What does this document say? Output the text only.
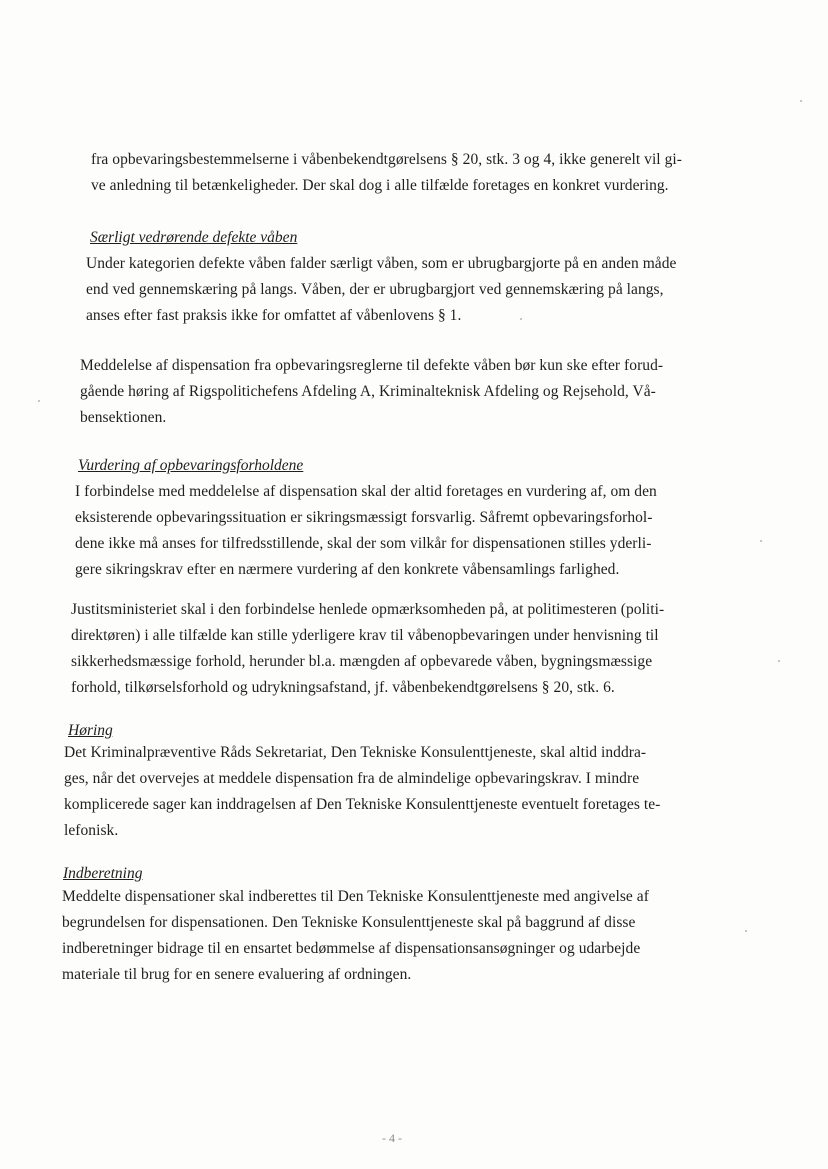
fra opbevaringsbestemmelserne i våbenbekendtgørelsens § 20, stk. 3 og 4, ikke generelt vil gi-
ve anledning til betænkeligheder. Der skal dog i alle tilfælde foretages en konkret vurdering.
Særligt vedrørende defekte våben
Under kategorien defekte våben falder særligt våben, som er ubrugbargjorte på en anden måde
end ved gennemskæring på langs. Våben, der er ubrugbargjort ved gennemskæring på langs,
anses efter fast praksis ikke for omfattet af våbenlovens § 1.
Meddelelse af dispensation fra opbevaringsreglerne til defekte våben bør kun ske efter forud-
gående høring af Rigspolitichefens Afdeling A, Kriminalteknisk Afdeling og Rejsehold, Vå-
bensektionen.
Vurdering af opbevaringsforholdene
I forbindelse med meddelelse af dispensation skal der altid foretages en vurdering af, om den
eksisterende opbevaringssituation er sikringsmæssigt forsvarlig. Såfremt opbevaringsforhol-
dene ikke må anses for tilfredsstillende, skal der som vilkår for dispensationen stilles yderli-
gere sikringskrav efter en nærmere vurdering af den konkrete våbensamlings farlighed.
Justitsministeriet skal i den forbindelse henlede opmærksomheden på, at politimesteren (politi-
direktøren) i alle tilfælde kan stille yderligere krav til våbenopbevaringen under henvisning til
sikkerhedsmæssige forhold, herunder bl.a. mængden af opbevarede våben, bygningsmæssige
forhold, tilkørselsforhold og udrykningsafstand, jf. våbenbekendtgørelsens § 20, stk. 6.
Høring
Det Kriminalpræventive Råds Sekretariat, Den Tekniske Konsulenttjeneste, skal altid inddra-
ges, når det overvejes at meddele dispensation fra de almindelige opbevaringskrav. I mindre
komplicerede sager kan inddragelsen af Den Tekniske Konsulenttjeneste eventuelt foretages te-
lefonisk.
Indberetning
Meddelte dispensationer skal indberettes til Den Tekniske Konsulenttjeneste med angivelse af
begrundelsen for dispensationen. Den Tekniske Konsulenttjeneste skal på baggrund af disse
indberetninger bidrage til en ensartet bedømmelse af dispensationsansøgninger og udarbejde
materiale til brug for en senere evaluering af ordningen.
- 4 -
